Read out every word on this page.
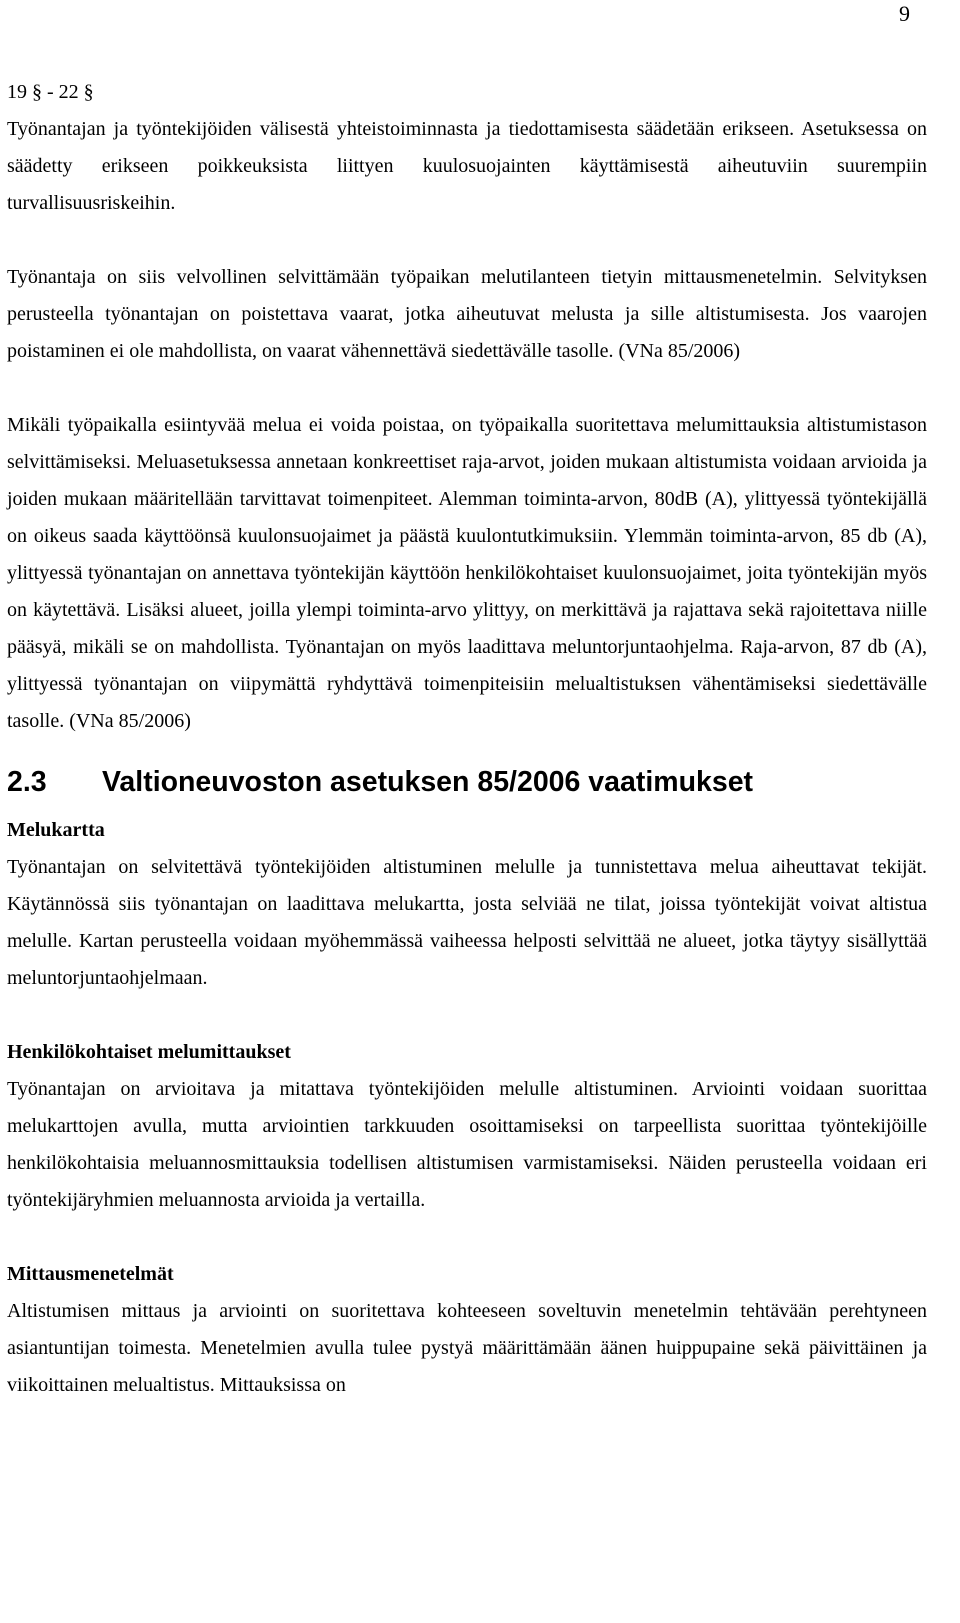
9

19 § - 22 §

Työnantajan ja työntekijöiden välisestä yhteistoiminnasta ja tiedottamisesta säädetään erikseen. Asetuksessa on säädetty erikseen poikkeuksista liittyen kuulosuojainten käyttämisestä aiheutuviin suurempiin turvallisuusriskeihin.

Työnantaja on siis velvollinen selvittämään työpaikan melutilanteen tietyin mittausmenetelmin. Selvityksen perusteella työnantajan on poistettava vaarat, jotka aiheutuvat melusta ja sille altistumisesta. Jos vaarojen poistaminen ei ole mahdollista, on vaarat vähennettävä siedettävälle tasolle. (VNa 85/2006)

Mikäli työpaikalla esiintyvää melua ei voida poistaa, on työpaikalla suoritettava melumittauksia altistumistason selvittämiseksi. Meluasetuksessa annetaan konkreettiset raja-arvot, joiden mukaan altistumista voidaan arvioida ja joiden mukaan määritellään tarvittavat toimenpiteet. Alemman toiminta-arvon, 80dB (A), ylittyessä työntekijällä on oikeus saada käyttöönsä kuulonsuojaimet ja päästä kuulontutkimuksiin. Ylemmän toiminta-arvon, 85 db (A), ylittyessä työnantajan on annettava työntekijän käyttöön henkilökohtaiset kuulonsuojaimet, joita työntekijän myös on käytettävä. Lisäksi alueet, joilla ylempi toiminta-arvo ylittyy, on merkittävä ja rajattava sekä rajoitettava niille pääsyä, mikäli se on mahdollista. Työnantajan on myös laadittava meluntorjuntaohjelma. Raja-arvon, 87 db (A), ylittyessä työnantajan on viipymättä ryhdyttävä toimenpiteisiin melualtistuksen vähentämiseksi siedettävälle tasolle. (VNa 85/2006)

2.3 Valtioneuvoston asetuksen 85/2006 vaatimukset

Melukartta

Työnantajan on selvitettävä työntekijöiden altistuminen melulle ja tunnistettava melua aiheuttavat tekijät. Käytännössä siis työnantajan on laadittava melukartta, josta selviää ne tilat, joissa työntekijät voivat altistua melulle. Kartan perusteella voidaan myöhemmässä vaiheessa helposti selvittää ne alueet, jotka täytyy sisällyttää meluntorjuntaohjelmaan.

Henkilökohtaiset melumittaukset

Työnantajan on arvioitava ja mitattava työntekijöiden melulle altistuminen. Arviointi voidaan suorittaa melukarttojen avulla, mutta arviointien tarkkuuden osoittamiseksi on tarpeellista suorittaa työntekijöille henkilökohtaisia meluannosmittauksia todellisen altistumisen varmistamiseksi. Näiden perusteella voidaan eri työntekijäryhmien meluannosta arvioida ja vertailla.

Mittausmenetelmät

Altistumisen mittaus ja arviointi on suoritettava kohteeseen soveltuvin menetelmin tehtävään perehtyneen asiantuntijan toimesta. Menetelmien avulla tulee pystyä määrittämään äänen huippupaine sekä päivittäinen ja viikoittainen melualtistus. Mittauksissa on
